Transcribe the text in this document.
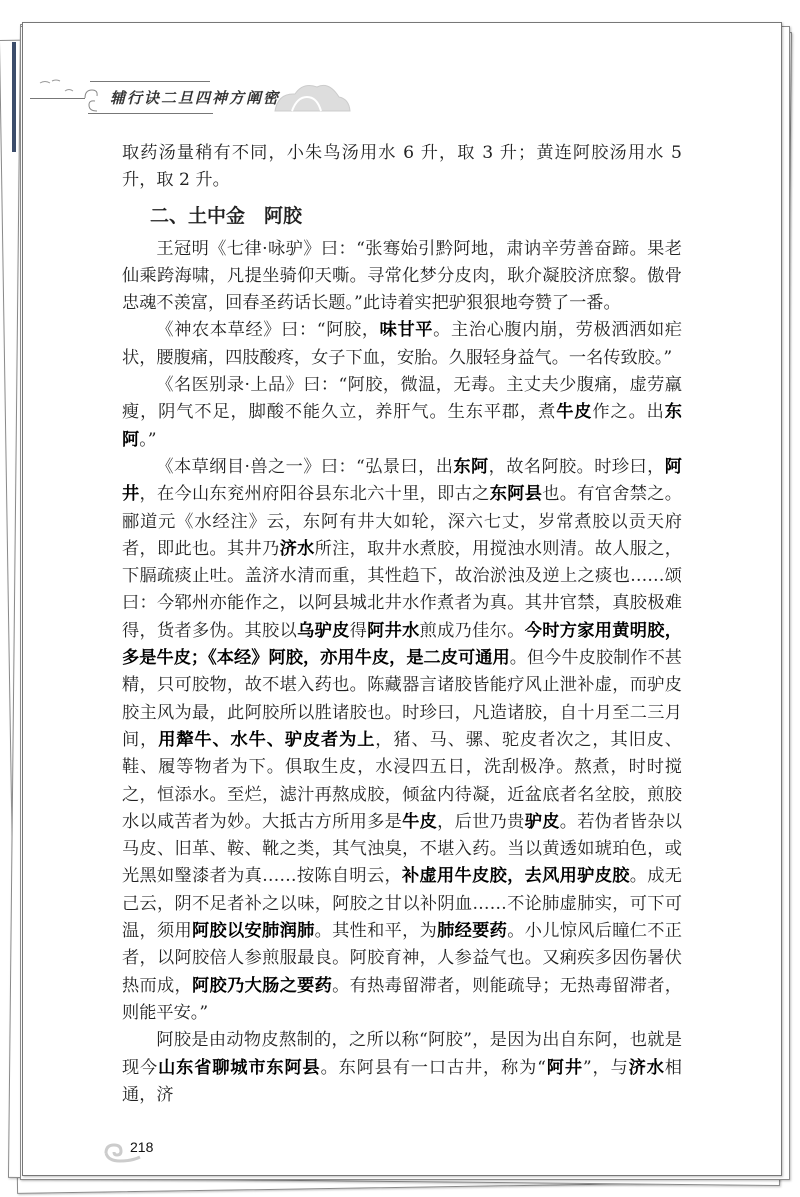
辅行诀二旦四神方阐密

取药汤量稍有不同，小朱鸟汤用水 6 升，取 3 升；黄连阿胶汤用水 5 升，取 2 升。

二、土中金　阿胶

王冠明《七律·咏驴》曰：“张骞始引黔阿地，肃讷辛劳善奋蹄。果老仙乘跨海啸，凡提坐骑仰天嘶。寻常化梦分皮肉，耿介凝胶济庶黎。傲骨忠魂不羡富，回春圣药话长题。”此诗着实把驴狠狠地夸赞了一番。

《神农本草经》曰：“阿胶，味甘平。主治心腹内崩，劳极洒洒如疟状，腰腹痛，四肢酸疼，女子下血，安胎。久服轻身益气。一名传致胶。”

《名医别录·上品》曰：“阿胶，微温，无毒。主丈夫少腹痛，虚劳羸瘦，阴气不足，脚酸不能久立，养肝气。生东平郡，煮牛皮作之。出东阿。”

《本草纲目·兽之一》曰：“弘景曰，出东阿，故名阿胶。时珍曰，阿井，在今山东兖州府阳谷县东北六十里，即古之东阿县也。有官舍禁之。郦道元《水经注》云，东阿有井大如轮，深六七丈，岁常煮胶以贡天府者，即此也。其井乃济水所注，取井水煮胶，用搅浊水则清。故人服之，下膈疏痰止吐。盖济水清而重，其性趋下，故治淤浊及逆上之痰也……颂曰：今郓州亦能作之，以阿县城北井水作煮者为真。其井官禁，真胶极难得，货者多伪。其胶以乌驴皮得阿井水煎成乃佳尔。今时方家用黄明胶，多是牛皮；《本经》阿胶，亦用牛皮，是二皮可通用。但今牛皮胶制作不甚精，只可胶物，故不堪入药也。陈藏器言诸胶皆能疗风止泄补虚，而驴皮胶主风为最，此阿胶所以胜诸胶也。时珍曰，凡造诸胶，自十月至二三月间，用犛牛、水牛、驴皮者为上，猪、马、骡、驼皮者次之，其旧皮、鞋、履等物者为下。俱取生皮，水浸四五日，洗刮极净。熬煮，时时搅之，恒添水。至烂，滤汁再熬成胶，倾盆内待凝，近盆底者名坌胶，煎胶水以咸苦者为妙。大抵古方所用多是牛皮，后世乃贵驴皮。若伪者皆杂以马皮、旧革、鞍、靴之类，其气浊臭，不堪入药。当以黄透如琥珀色，或光黑如瑿漆者为真……按陈自明云，补虚用牛皮胶，去风用驴皮胶。成无己云，阴不足者补之以味，阿胶之甘以补阴血……不论肺虚肺实，可下可温，须用阿胶以安肺润肺。其性和平，为肺经要药。小儿惊风后瞳仁不正者，以阿胶倍人参煎服最良。阿胶育神，人参益气也。又痢疾多因伤暑伏热而成，阿胶乃大肠之要药。有热毒留滞者，则能疏导；无热毒留滞者，则能平安。”

阿胶是由动物皮熬制的，之所以称“阿胶”，是因为出自东阿，也就是现今山东省聊城市东阿县。东阿县有一口古井，称为“阿井”，与济水相通，济

218
